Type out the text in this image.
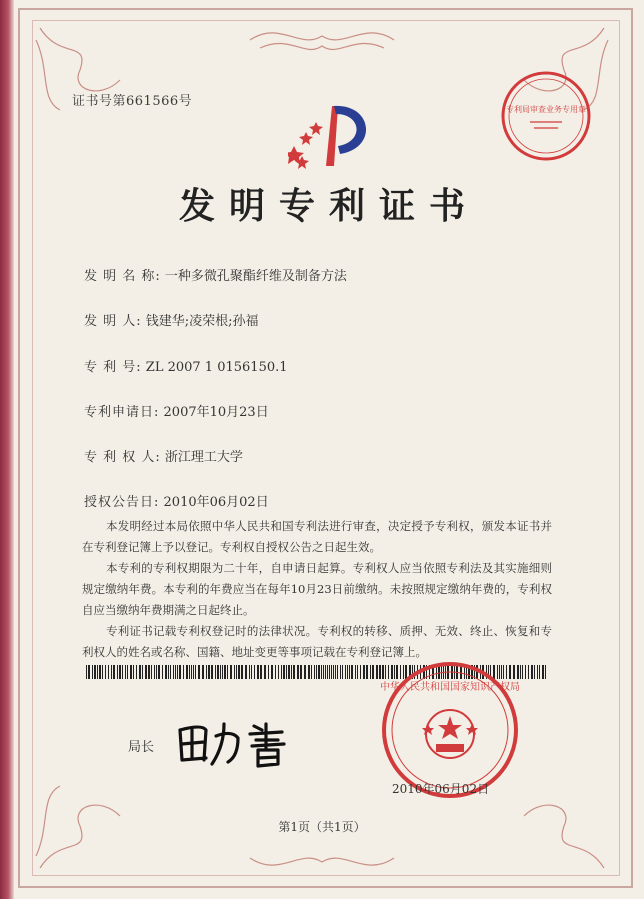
证书号第661566号
发明专利证书
发 明 名 称: 一种多微孔聚酯纤维及制备方法
发 明 人: 钱建华;凌荣根;孙福
专 利 号: ZL 2007 1 0156150.1
专利申请日: 2007年10月23日
专 利 权 人: 浙江理工大学
授权公告日: 2010年06月02日
本发明经过本局依照中华人民共和国专利法进行审查，决定授予专利权，颁发本证书并在专利登记簿上予以登记。专利权自授权公告之日起生效。
本专利的专利权期限为二十年，自申请日起算。专利权人应当依照专利法及其实施细则规定缴纳年费。本专利的年费应当在每年10月23日前缴纳。未按照规定缴纳年费的，专利权自应当缴纳年费期满之日起终止。
专利证书记载专利权登记时的法律状况。专利权的转移、质押、无效、终止、恢复和专利权人的姓名或名称、国籍、地址变更等事项记载在专利登记簿上。
局长
专利局审查业务专用章
中华人民共和国国家知识产权局
2010年06月02日
第1页（共1页）
